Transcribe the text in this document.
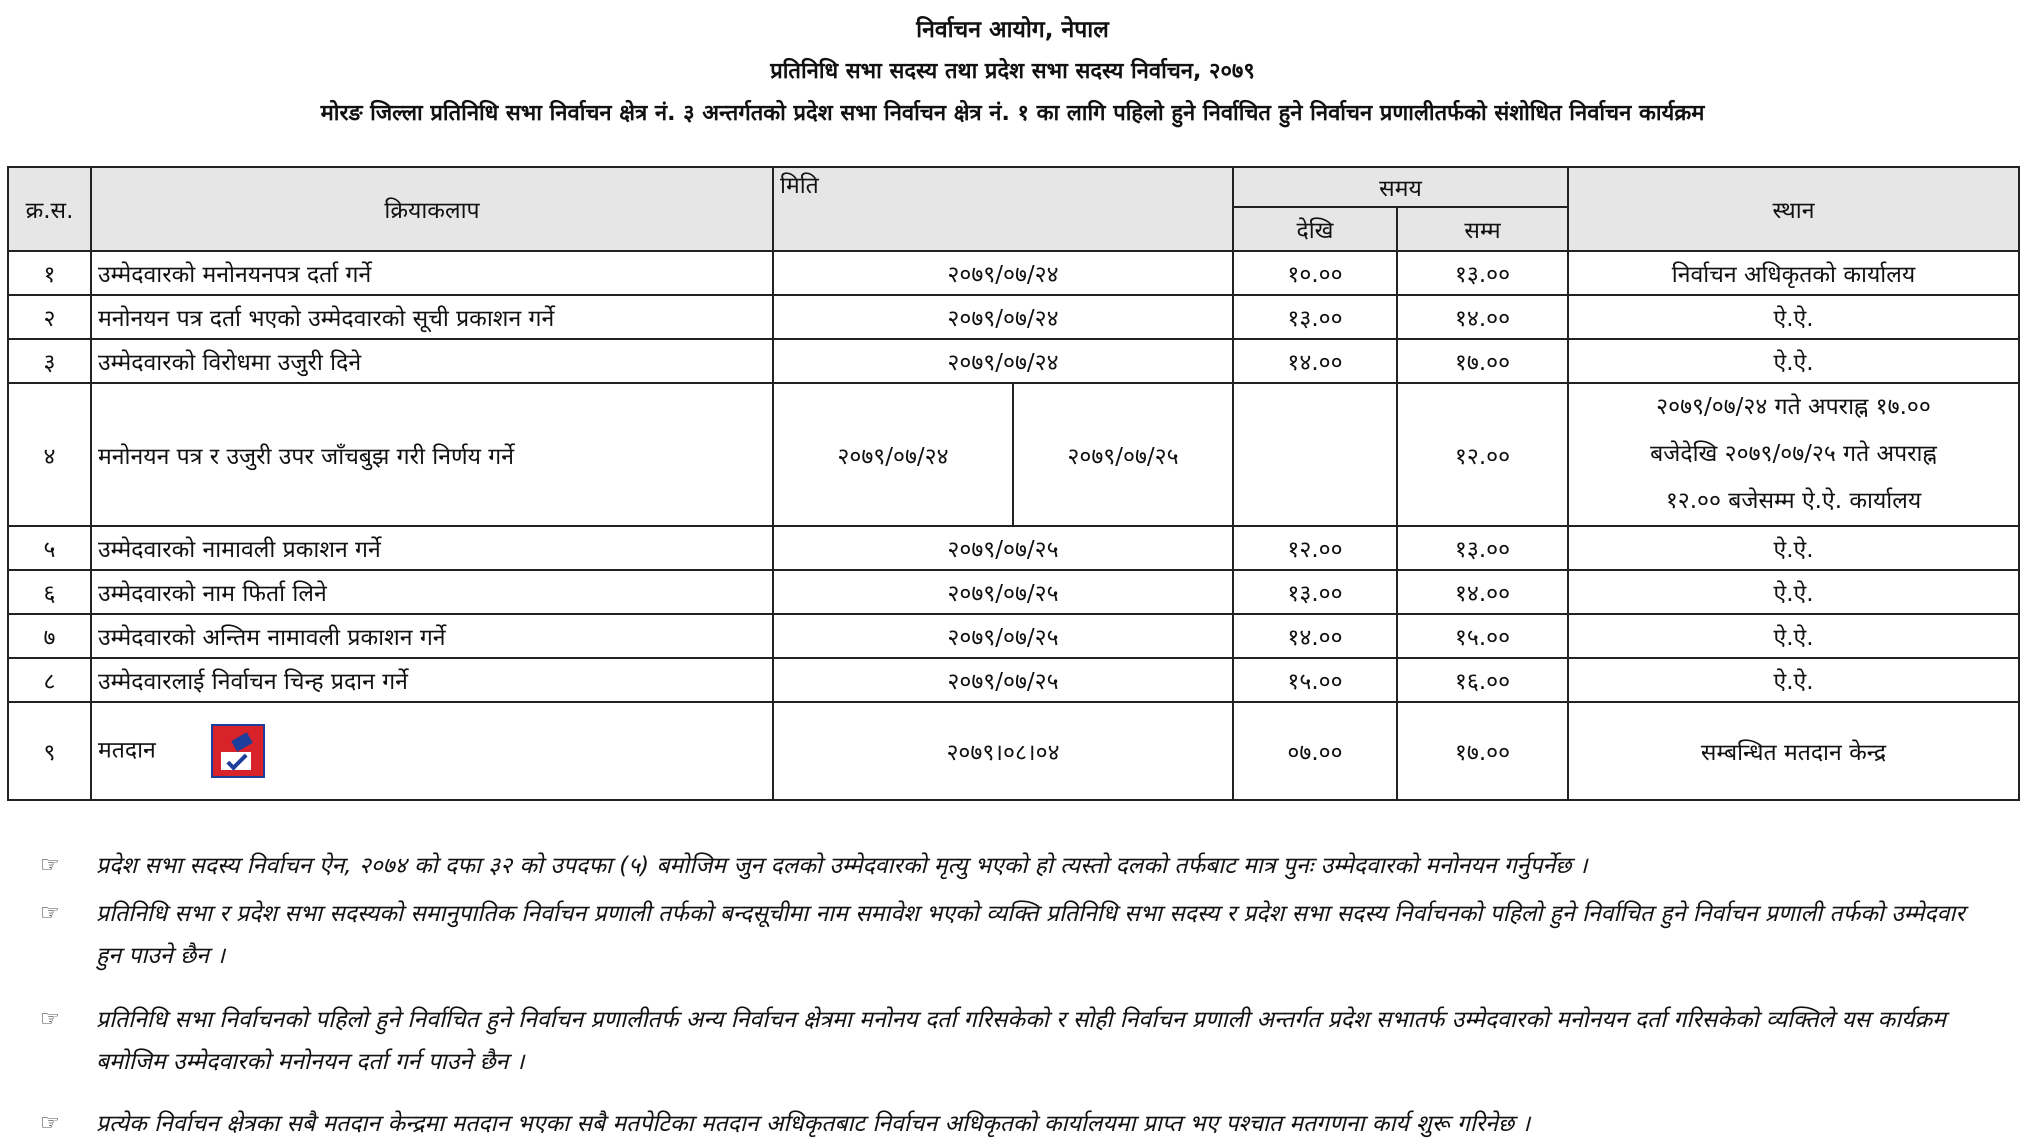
निर्वाचन आयोग, नेपाल
प्रतिनिधि सभा सदस्य तथा प्रदेश सभा सदस्य निर्वाचन, २०७९
मोरङ जिल्ला प्रतिनिधि सभा निर्वाचन क्षेत्र नं. ३ अन्तर्गतको प्रदेश सभा निर्वाचन क्षेत्र नं. १ का लागि पहिलो हुने निर्वाचित हुने निर्वाचन प्रणालीतर्फको संशोधित निर्वाचन कार्यक्रम
क्र.स.	क्रियाकलाप	मिति		समय		स्थान
				देखि	सम्म	
१	उम्मेदवारको मनोनयनपत्र दर्ता गर्ने	२०७९/०७/२४		१०.००	१३.००	निर्वाचन अधिकृतको कार्यालय
२	मनोनयन पत्र दर्ता भएको उम्मेदवारको सूची प्रकाशन गर्ने	२०७९/०७/२४		१३.००	१४.००	ऐ.ऐ.
३	उम्मेदवारको विरोधमा उजुरी दिने	२०७९/०७/२४		१४.००	१७.००	ऐ.ऐ.
४	मनोनयन पत्र र उजुरी उपर जाँचबुझ गरी निर्णय गर्ने	२०७९/०७/२४	२०७९/०७/२५		१२.००	२०७९/०७/२४ गते अपराह्न १७.००
बजेदेखि २०७९/०७/२५ गते अपराह्न
१२.०० बजेसम्म ऐ.ऐ. कार्यालय

५	उम्मेदवारको नामावली प्रकाशन गर्ने	२०७९/०७/२५		१२.००	१३.००	ऐ.ऐ.
६	उम्मेदवारको नाम फिर्ता लिने	२०७९/०७/२५		१३.००	१४.००	ऐ.ऐ.
७	उम्मेदवारको अन्तिम नामावली प्रकाशन गर्ने	२०७९/०७/२५		१४.००	१५.००	ऐ.ऐ.
८	उम्मेदवारलाई निर्वाचन चिन्ह प्रदान गर्ने	२०७९/०७/२५		१५.००	१६.००	ऐ.ऐ.
९	मतदान	२०७९।०८।०४		०७.००	१७.००	सम्बन्धित मतदान केन्द्र
☞ प्रदेश सभा सदस्य निर्वाचन ऐन, २०७४ को दफा ३२ को उपदफा (५) बमोजिम जुन दलको उम्मेदवारको मृत्यु भएको हो त्यस्तो दलको तर्फबाट मात्र पुनः उम्मेदवारको मनोनयन गर्नुपर्नेछ ।
☞ प्रतिनिधि सभा र प्रदेश सभा सदस्यको समानुपातिक निर्वाचन प्रणाली तर्फको बन्दसूचीमा नाम समावेश भएको व्यक्ति प्रतिनिधि सभा सदस्य र प्रदेश सभा सदस्य निर्वाचनको पहिलो हुने निर्वाचित हुने निर्वाचन प्रणाली तर्फको उम्मेदवार हुन पाउने छैन ।
☞ प्रतिनिधि सभा निर्वाचनको पहिलो हुने निर्वाचित हुने निर्वाचन प्रणालीतर्फ अन्य निर्वाचन क्षेत्रमा मनोनय दर्ता गरिसकेको र सोही निर्वाचन प्रणाली अन्तर्गत प्रदेश सभातर्फ उम्मेदवारको मनोनयन दर्ता गरिसकेको व्यक्तिले यस कार्यक्रम बमोजिम उम्मेदवारको मनोनयन दर्ता गर्न पाउने छैन ।
☞ प्रत्येक निर्वाचन क्षेत्रका सबै मतदान केन्द्रमा मतदान भएका सबै मतपेटिका मतदान अधिकृतबाट निर्वाचन अधिकृतको कार्यालयमा प्राप्त भए पश्चात मतगणना कार्य शुरू गरिनेछ ।
